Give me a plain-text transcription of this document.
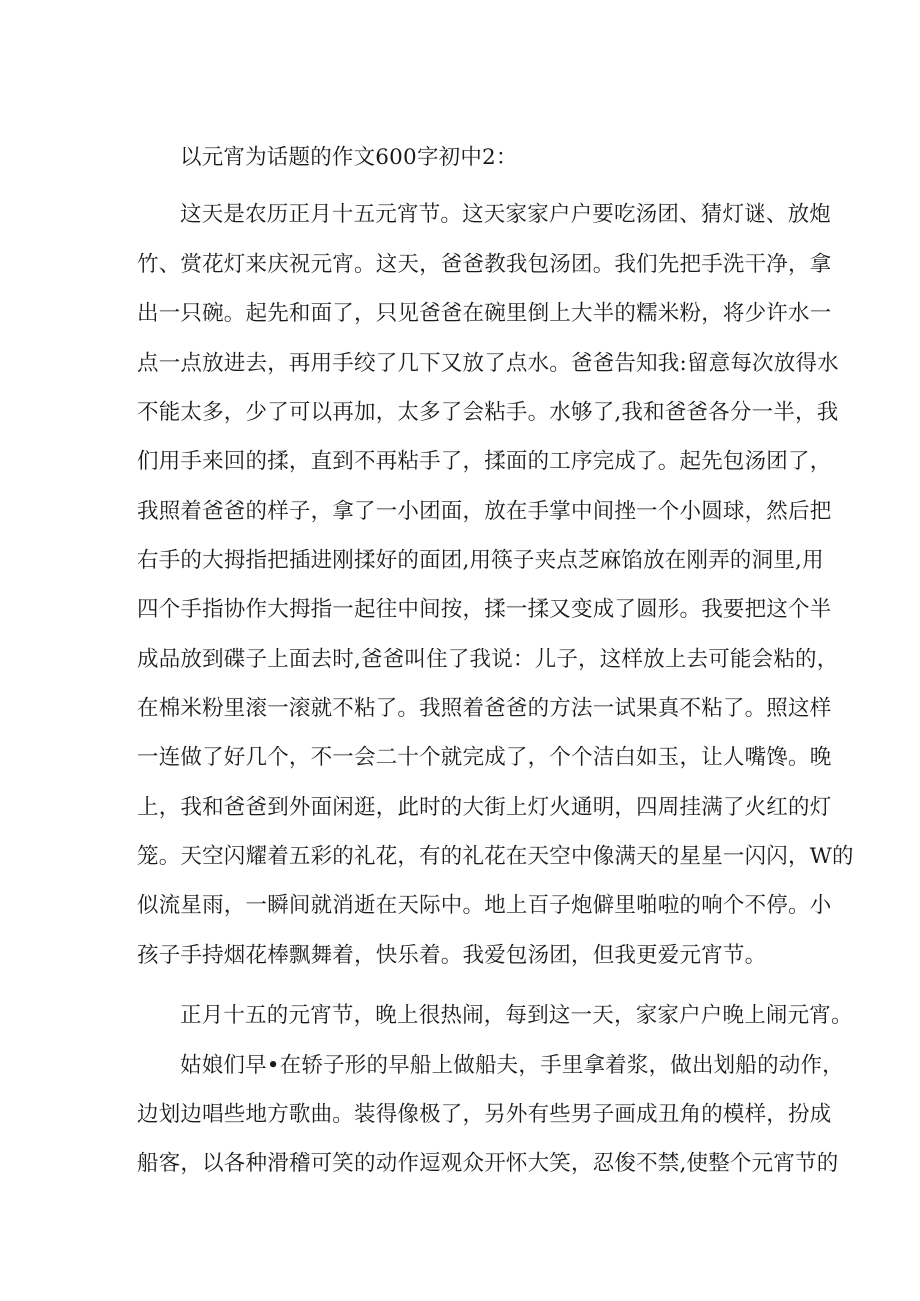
以元宵为话题的作文600字初中2：
这天是农历正月十五元宵节。这天家家户户要吃汤团、猜灯谜、放炮
竹、赏花灯来庆祝元宵。这天，爸爸教我包汤团。我们先把手洗干净，拿
出一只碗。起先和面了，只见爸爸在碗里倒上大半的糯米粉，将少许水一
点一点放进去，再用手绞了几下又放了点水。爸爸告知我:留意每次放得水
不能太多，少了可以再加，太多了会粘手。水够了,我和爸爸各分一半，我
们用手来回的揉，直到不再粘手了，揉面的工序完成了。起先包汤团了，
我照着爸爸的样子，拿了一小团面，放在手掌中间挫一个小圆球，然后把
右手的大拇指把插进刚揉好的面团,用筷子夹点芝麻馅放在刚弄的洞里,用
四个手指协作大拇指一起往中间按，揉一揉又变成了圆形。我要把这个半
成品放到碟子上面去时,爸爸叫住了我说：儿子，这样放上去可能会粘的，
在棉米粉里滚一滚就不粘了。我照着爸爸的方法一试果真不粘了。照这样
一连做了好几个，不一会二十个就完成了，个个洁白如玉，让人嘴馋。晚
上，我和爸爸到外面闲逛，此时的大街上灯火通明，四周挂满了火红的灯
笼。天空闪耀着五彩的礼花，有的礼花在天空中像满天的星星一闪闪，W的
似流星雨，一瞬间就消逝在天际中。地上百子炮僻里啪啦的响个不停。小
孩子手持烟花棒飘舞着，快乐着。我爱包汤团，但我更爱元宵节。
正月十五的元宵节，晚上很热闹，每到这一天，家家户户晚上闹元宵。
姑娘们早•在轿子形的早船上做船夫，手里拿着浆，做出划船的动作，
边划边唱些地方歌曲。装得像极了，另外有些男子画成丑角的模样，扮成
船客，以各种滑稽可笑的动作逗观众开怀大笑，忍俊不禁,使整个元宵节的
